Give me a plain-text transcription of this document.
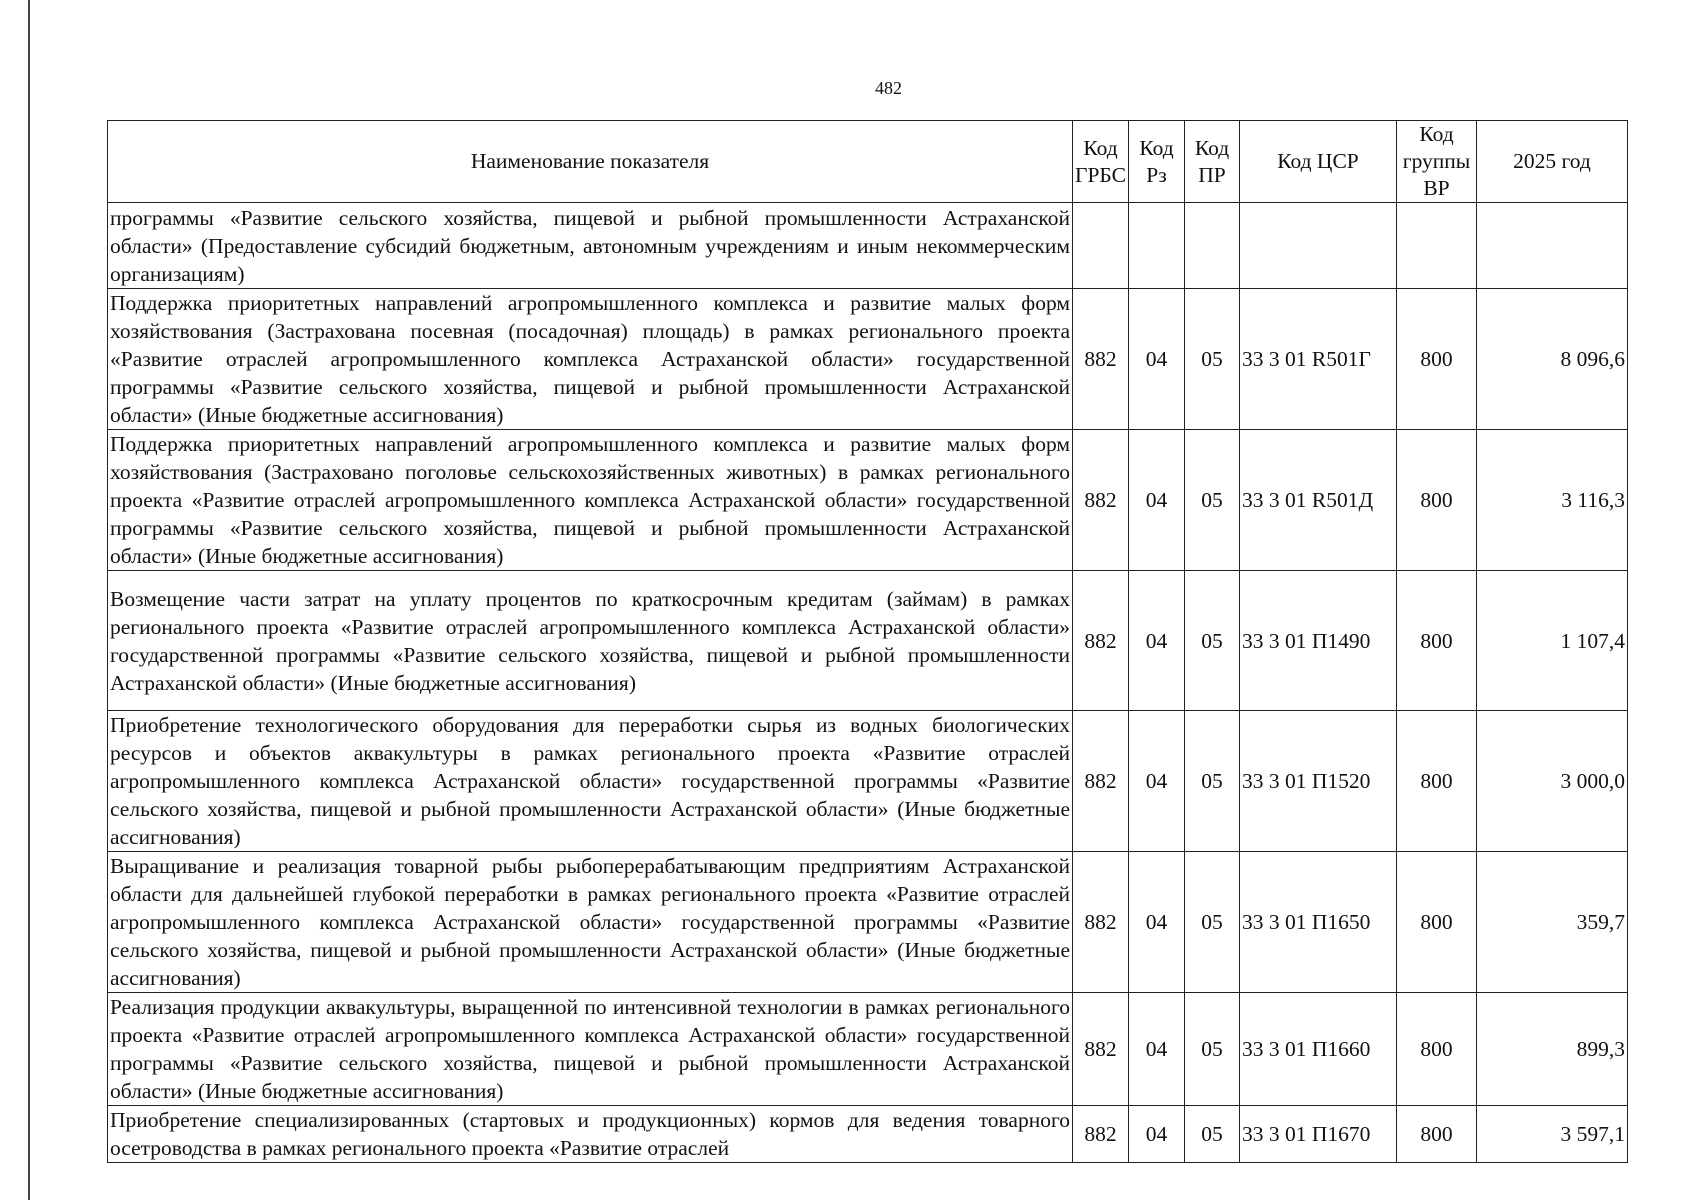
482
Наименование показателя	Код ГРБС	Код Рз	Код ПР	Код ЦСР	Код группы ВР	2025 год
программы «Развитие сельского хозяйства, пищевой и рыбной промышленности Астраханской области» (Предоставление субсидий бюджетным, автономным учреждениям и иным некоммерческим организациям)						
Поддержка приоритетных направлений агропромышленного комплекса и развитие малых форм хозяйствования (Застрахована посевная (посадочная) площадь) в рамках регионального проекта «Развитие отраслей агропромышленного комплекса Астраханской области» государственной программы «Развитие сельского хозяйства, пищевой и рыбной промышленности Астраханской области» (Иные бюджетные ассигнования)	882	04	05	33 3 01 R501Г	800	8 096,6
Поддержка приоритетных направлений агропромышленного комплекса и развитие малых форм хозяйствования (Застраховано поголовье сельскохозяйственных животных) в рамках регионального проекта «Развитие отраслей агропромышленного комплекса Астраханской области» государственной программы «Развитие сельского хозяйства, пищевой и рыбной промышленности Астраханской области» (Иные бюджетные ассигнования)	882	04	05	33 3 01 R501Д	800	3 116,3
Возмещение части затрат на уплату процентов по краткосрочным кредитам (займам) в рамках регионального проекта «Развитие отраслей агропромышленного комплекса Астраханской области» государственной программы «Развитие сельского хозяйства, пищевой и рыбной промышленности Астраханской области» (Иные бюджетные ассигнования)	882	04	05	33 3 01 П1490	800	1 107,4
Приобретение технологического оборудования для переработки сырья из водных биологических ресурсов и объектов аквакультуры в рамках регионального проекта «Развитие отраслей агропромышленного комплекса Астраханской области» государственной программы «Развитие сельского хозяйства, пищевой и рыбной промышленности Астраханской области» (Иные бюджетные ассигнования)	882	04	05	33 3 01 П1520	800	3 000,0
Выращивание и реализация товарной рыбы рыбоперерабатывающим предприятиям Астраханской области для дальнейшей глубокой переработки в рамках регионального проекта «Развитие отраслей агропромышленного комплекса Астраханской области» государственной программы «Развитие сельского хозяйства, пищевой и рыбной промышленности Астраханской области» (Иные бюджетные ассигнования)	882	04	05	33 3 01 П1650	800	359,7
Реализация продукции аквакультуры, выращенной по интенсивной технологии в рамках регионального проекта «Развитие отраслей агропромышленного комплекса Астраханской области» государственной программы «Развитие сельского хозяйства, пищевой и рыбной промышленности Астраханской области» (Иные бюджетные ассигнования)	882	04	05	33 3 01 П1660	800	899,3
Приобретение специализированных (стартовых и продукционных) кормов для ведения товарного осетроводства в рамках регионального проекта «Развитие отраслей	882	04	05	33 3 01 П1670	800	3 597,1
